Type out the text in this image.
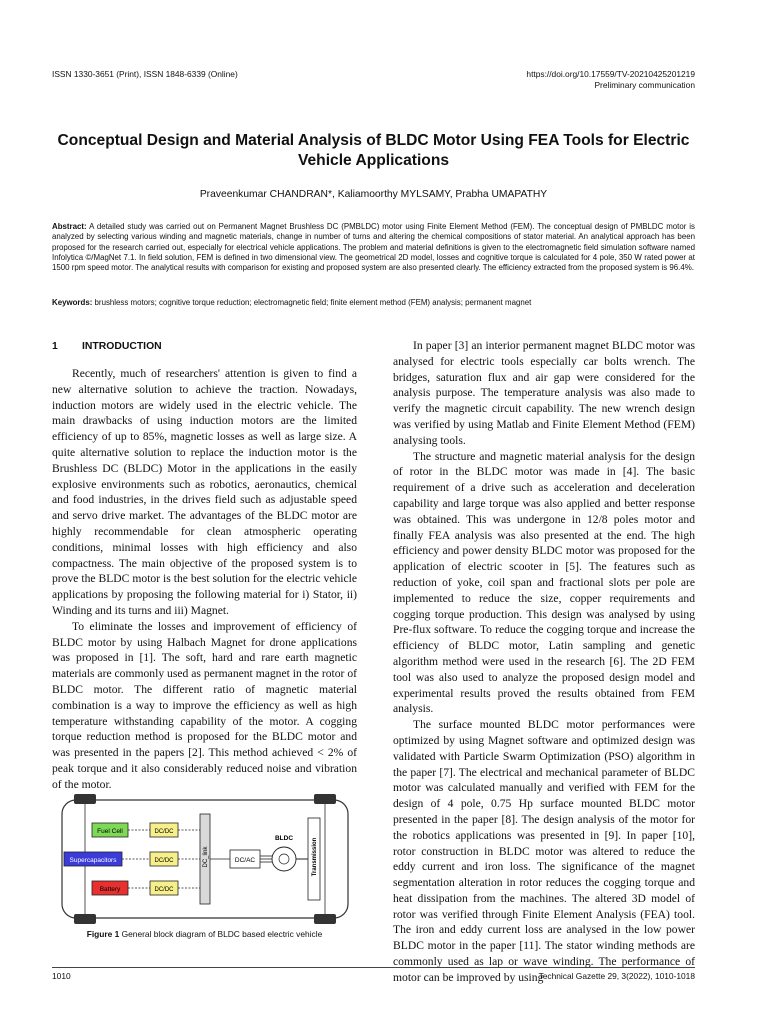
ISSN 1330-3651 (Print), ISSN 1848-6339 (Online)	https://doi.org/10.17559/TV-20210425201219
Preliminary communication
Conceptual Design and Material Analysis of BLDC Motor Using FEA Tools for Electric Vehicle Applications
Praveenkumar CHANDRAN*, Kaliamoorthy MYLSAMY, Prabha UMAPATHY
Abstract: A detailed study was carried out on Permanent Magnet Brushless DC (PMBLDC) motor using Finite Element Method (FEM). The conceptual design of PMBLDC motor is analyzed by selecting various winding and magnetic materials, change in number of turns and altering the chemical compositions of stator material. An analytical approach has been proposed for the research carried out, especially for electrical vehicle applications. The problem and material definitions is given to the electromagnetic field simulation software named Infolytica ©/MagNet 7.1. In field solution, FEM is defined in two dimensional view. The geometrical 2D model, losses and cognitive torque is calculated for 4 pole, 350 W rated power at 1500 rpm speed motor. The analytical results with comparison for existing and proposed system are also presented clearly. The efficiency extracted from the proposed system is 96.4%.
Keywords: brushless motors; cognitive torque reduction; electromagnetic field; finite element method (FEM) analysis; permanent magnet
1 INTRODUCTION

Recently, much of researchers' attention is given to find a new alternative solution to achieve the traction. Nowadays, induction motors are widely used in the electric vehicle. The main drawbacks of using induction motors are the limited efficiency of up to 85%, magnetic losses as well as large size. A quite alternative solution to replace the induction motor is the Brushless DC (BLDC) Motor in the applications in the easily explosive environments such as robotics, aeronautics, chemical and food industries, in the drives field such as adjustable speed and servo drive market. The advantages of the BLDC motor are highly recommendable for clean atmospheric operating conditions, minimal losses with high efficiency and also compactness. The main objective of the proposed system is to prove the BLDC motor is the best solution for the electric vehicle applications by proposing the following material for i) Stator, ii) Winding and its turns and iii) Magnet.

To eliminate the losses and improvement of efficiency of BLDC motor by using Halbach Magnet for drone applications was proposed in [1]. The soft, hard and rare earth magnetic materials are commonly used as permanent magnet in the rotor of BLDC motor. The different ratio of magnetic material combination is a way to improve the efficiency as well as high temperature withstanding capability of the motor. A cogging torque reduction method is proposed for the BLDC motor and was presented in the papers [2]. This method achieved < 2% of peak torque and it also considerably reduced noise and vibration of the motor.

Fuel Cell
Supercapacitors
Battery
DC/DC
DC/DC
DC/DC
DC_link	DC/AC
BLDC	Transmission
Figure 1 General block diagram of BLDC based electric vehicle

In paper [3] an interior permanent magnet BLDC motor was analysed for electric tools especially car bolts wrench. The bridges, saturation flux and air gap were considered for the analysis purpose. The temperature analysis was also made to verify the magnetic circuit capability. The new wrench design was verified by using Matlab and Finite Element Method (FEM) analysing tools.

The structure and magnetic material analysis for the design of rotor in the BLDC motor was made in [4]. The basic requirement of a drive such as acceleration and deceleration capability and large torque was also applied and better response was obtained. This was undergone in 12/8 poles motor and finally FEA analysis was also presented at the end. The high efficiency and power density BLDC motor was proposed for the application of electric scooter in [5]. The features such as reduction of yoke, coil span and fractional slots per pole are implemented to reduce the size, copper requirements and cogging torque production. This design was analysed by using Pre-flux software. To reduce the cogging torque and increase the efficiency of BLDC motor, Latin sampling and genetic algorithm method were used in the research [6]. The 2D FEM tool was also used to analyze the proposed design model and experimental results proved the results obtained from FEM analysis.

The surface mounted BLDC motor performances were optimized by using Magnet software and optimized design was validated with Particle Swarm Optimization (PSO) algorithm in the paper [7]. The electrical and mechanical parameter of BLDC motor was calculated manually and verified with FEM for the design of 4 pole, 0.75 Hp surface mounted BLDC motor presented in the paper [8]. The design analysis of the motor for the robotics applications was presented in [9]. In paper [10], rotor construction in BLDC motor was altered to reduce the eddy current and iron loss. The significance of the magnet segmentation alteration in rotor reduces the cogging torque and heat dissipation from the machines. The altered 3D model of rotor was verified through Finite Element Analysis (FEA) tool. The iron and eddy current loss are analysed in the low power BLDC motor in the paper [11]. The stator winding methods are commonly used as lap or wave winding. The performance of motor can be improved by using

1010	Technical Gazette 29, 3(2022), 1010-1018
